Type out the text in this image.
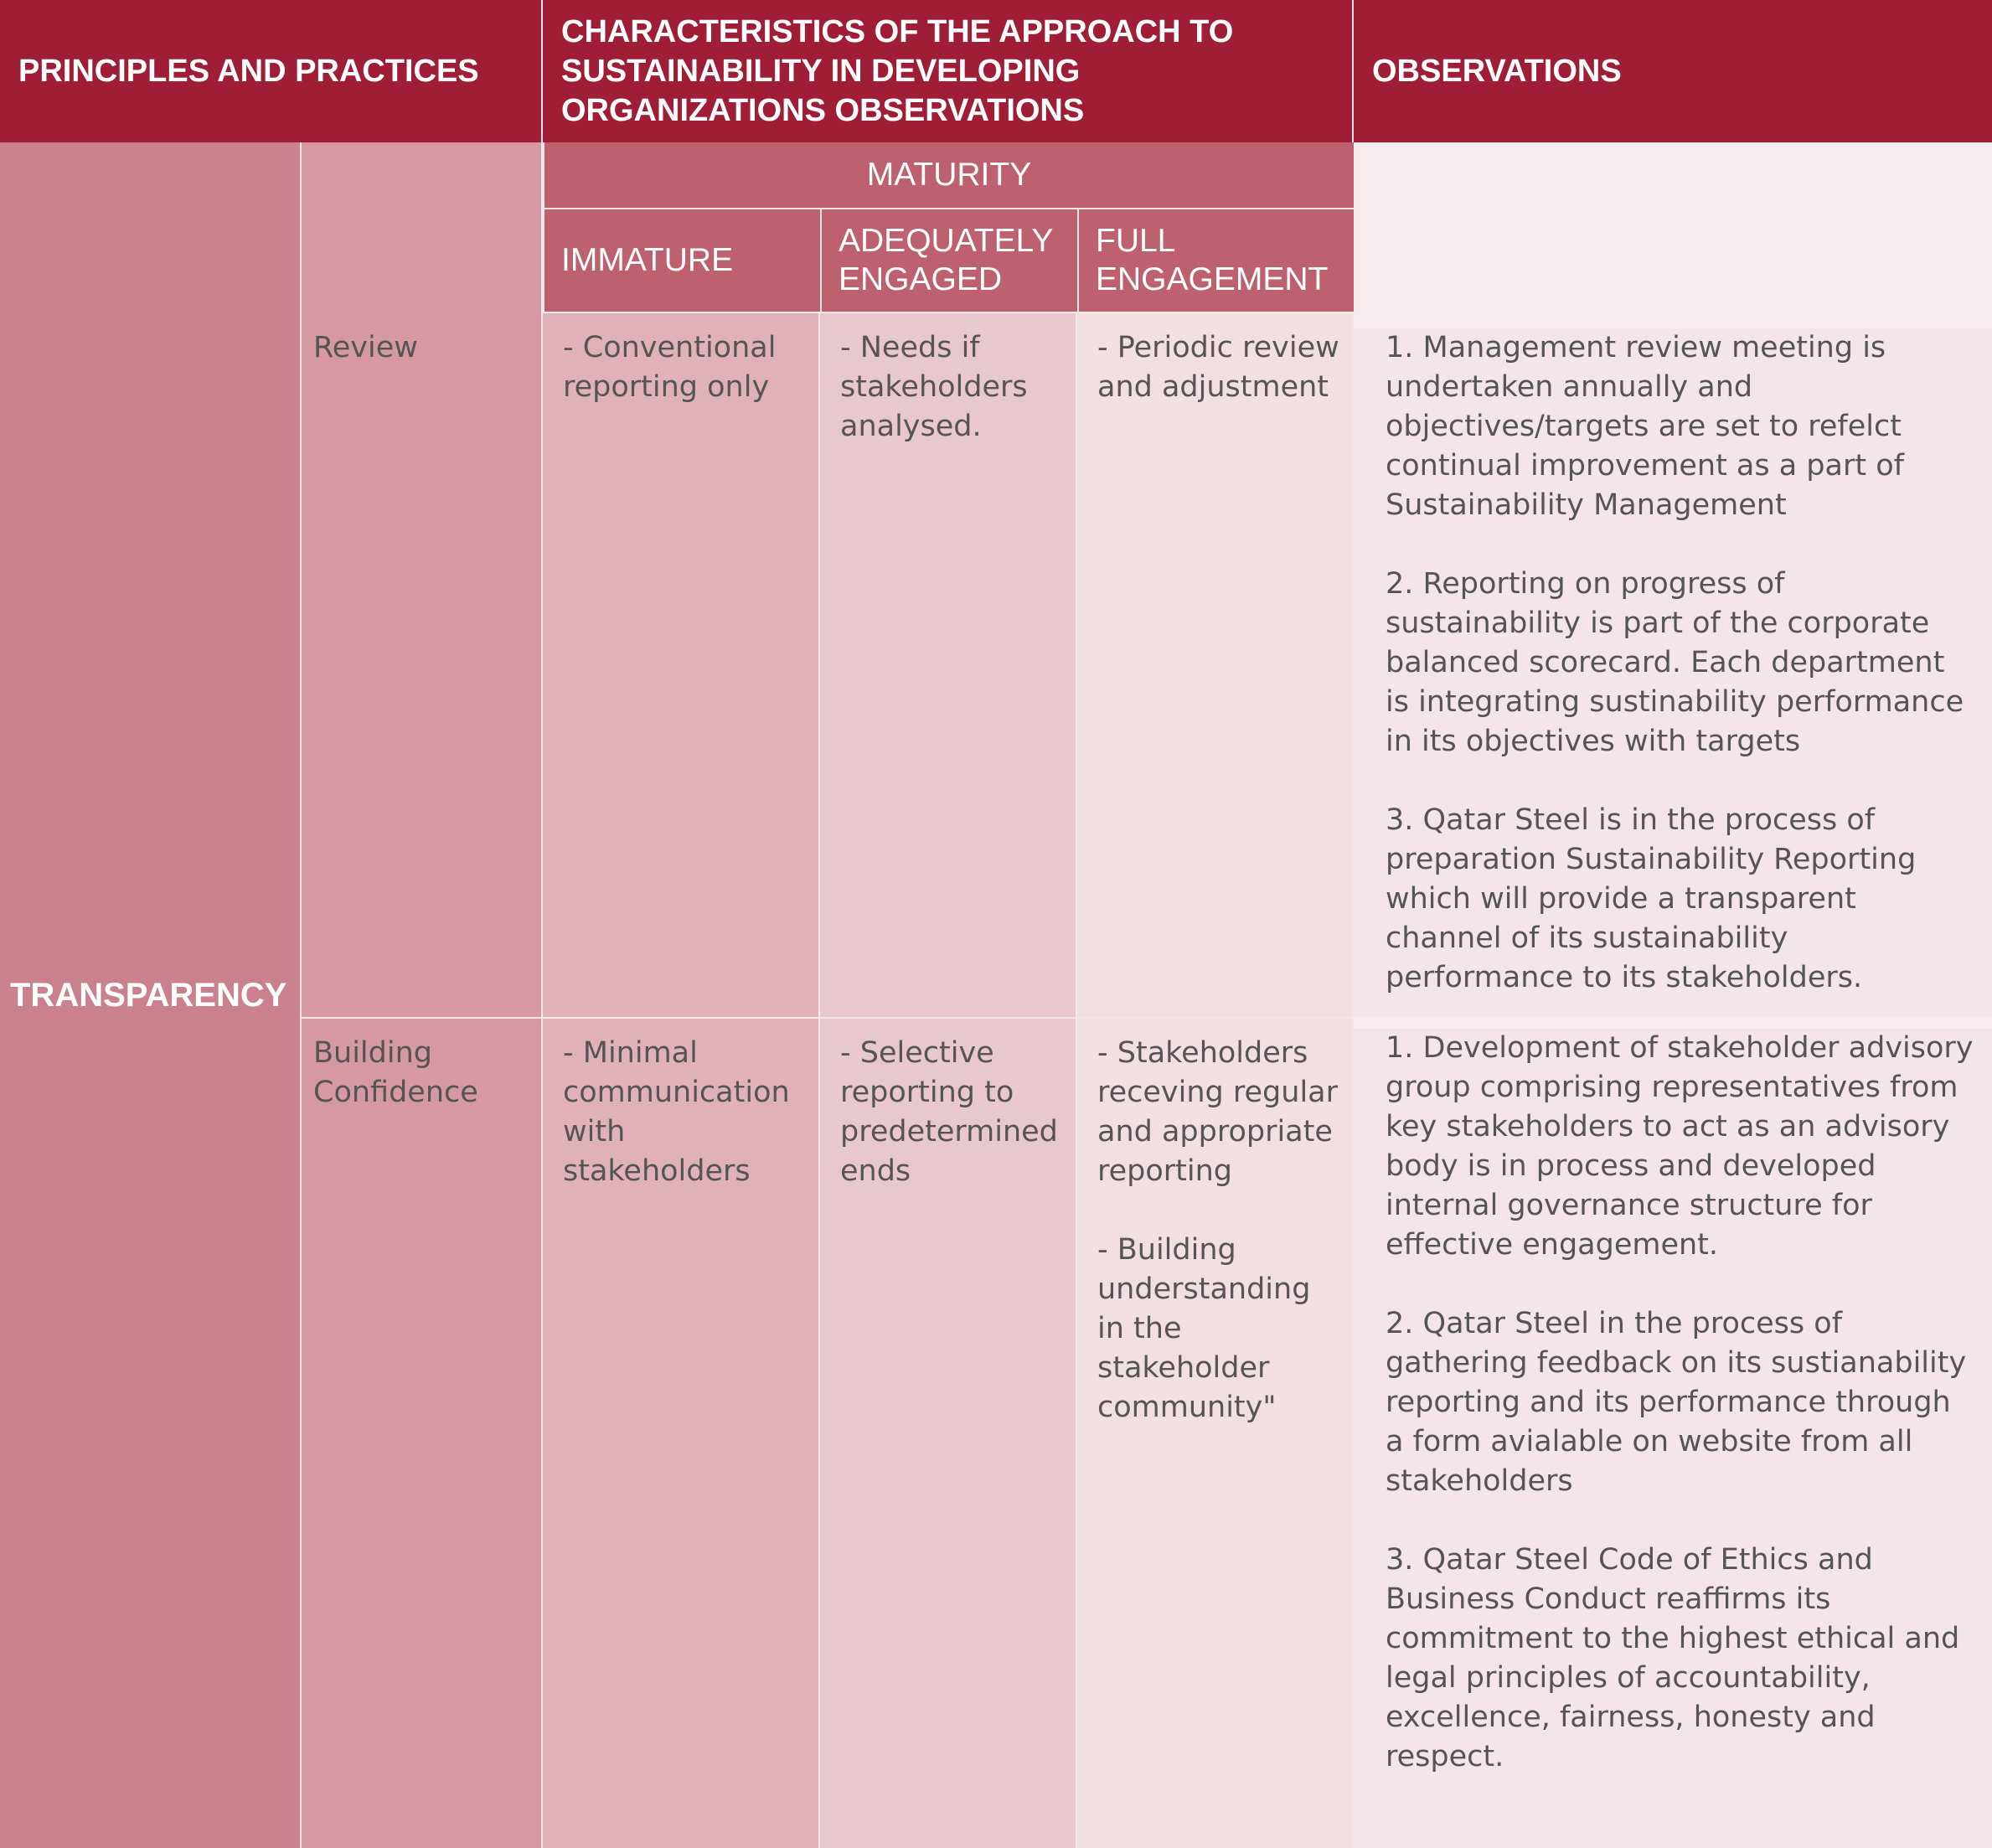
PRINCIPLES AND PRACTICES
CHARACTERISTICS OF THE APPROACH TO SUSTAINABILITY IN DEVELOPING ORGANIZATIONS OBSERVATIONS
OBSERVATIONS
TRANSPARENCY
Review
Building Confidence
MATURITY
IMMATURE
ADEQUATELY ENGAGED
FULL ENGAGEMENT
- Conventional reporting only
- Needs if stakeholders analysed.
- Periodic review and adjustment
- Minimal communication with stakeholders
- Selective reporting to predetermined ends
- Stakeholders receving regular and appropriate reporting

- Building understanding in the stakeholder community"

1. Management review meeting is undertaken annually and objectives/targets are set to refelct continual improvement as a part of Sustainability Management

2. Reporting on progress of sustainability is part of the corporate balanced scorecard. Each department is integrating sustinability performance in its objectives with targets

3. Qatar Steel is in the process of preparation Sustainability Reporting which will provide a transparent channel of its sustainability performance to its stakeholders.

1. Development of stakeholder advisory group comprising representatives from key stakeholders to act as an advisory body is in process and developed internal governance structure for effective engagement.

2. Qatar Steel in the process of gathering feedback on its sustianability reporting and its performance through a form avialable on website from all stakeholders

3. Qatar Steel Code of Ethics and Business Conduct reaffirms its commitment to the highest ethical and legal principles of accountability, excellence, fairness, honesty and respect.
